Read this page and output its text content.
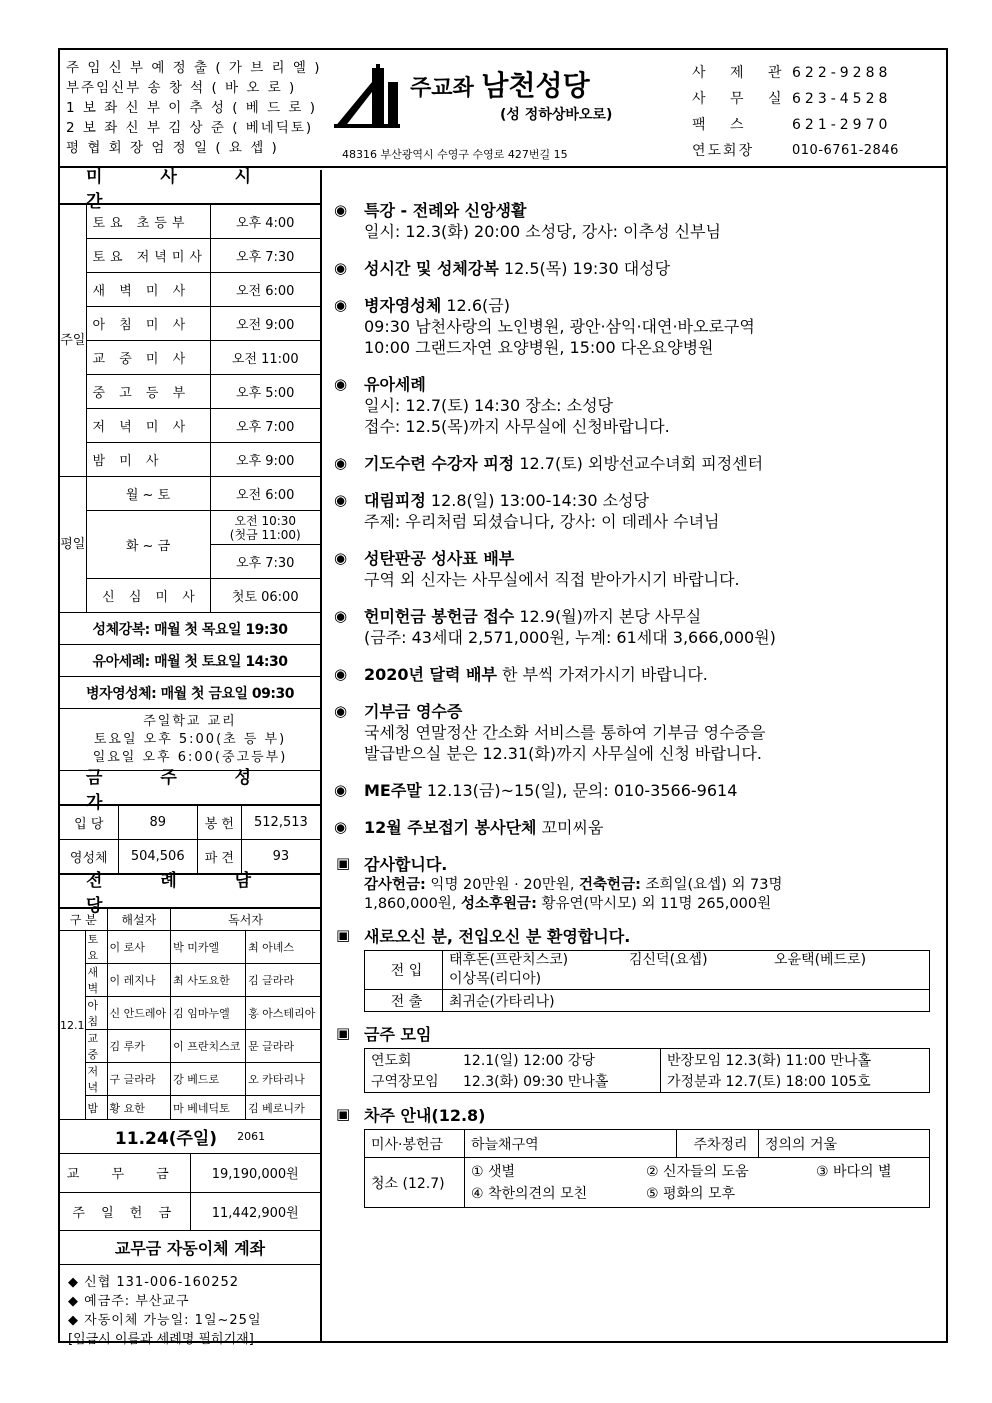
주 임 신 부 예 정 출 ( 가 브 리 엘 )
부주임신부 송 창 석 ( 바 오 로 )
1 보 좌 신 부 이 추 성 ( 베 드 로 )
2 보 좌 신 부 김 상 준 ( 베네딕토)
평 협 회 장 엄 정 일 ( 요 셉 )
주교좌 남천성당
(성 정하상바오로)
48316 부산광역시 수영구 수영로 427번길 15
사 제 관 622-9288
사 무 실 623-4528
팩 스	621-2970
연도회장	010-6761-2846
미 사 시 간
주일	토요 초등부	오후 4:00
	토요 저녁미사	오후 7:30
	새 벽 미 사	오전 6:00
	아 침 미 사	오전 9:00
	교 중 미 사	오전 11:00
	중 고 등 부	오후 5:00
	저 녁 미 사	오후 7:00
	밤 미 사	오후 9:00
평일	월 ~ 토	오전 6:00
	화 ~ 금	오전 10:30
(첫금 11:00)

		오후 7:30
	신 심 미 사	첫토 06:00
성체강복: 매월 첫 목요일 19:30
유아세례: 매월 첫 토요일 14:30
병자영성체: 매월 첫 금요일 09:30
주일학교 교리
토요일 오후 5:00(초 등 부)
일요일 오후 6:00(중고등부)
금 주 성 가
입 당	89	봉 헌	512,513
영성체	504,506	파 견	93
전 례 담 당
구 분		해설자	독서자	
12.1	토요	이 로사	박 미카엘	최 아녜스
	새벽	이 레지나	최 사도요한	김 글라라
	아침	신 안드레아	김 임마누엘	홍 아스테리아
	교중	김 루카	이 프란치스코	문 글라라
	저녁	구 글라라	강 베드로	오 카타리나
	밤	황 요한	마 베네딕토	김 베로니카
11.24(주일) 2061
교 무 금	19,190,000원
주 일 헌 금	11,442,900원
교무금 자동이체 계좌
◆ 신협 131-006-160252
◆ 예금주: 부산교구
◆ 자동이체 가능일: 1일~25일
[입금시 이름과 세례명 필히기재]
◉ 특강 - 전례와 신앙생활
일시: 12.3(화) 20:00 소성당, 강사: 이추성 신부님
◉ 성시간 및 성체강복 12.5(목) 19:30 대성당
◉ 병자영성체 12.6(금)
09:30 남천사랑의 노인병원, 광안·삼익·대연·바오로구역
10:00 그랜드자연 요양병원, 15:00 다온요양병원
◉ 유아세례
일시: 12.7(토) 14:30 장소: 소성당
접수: 12.5(목)까지 사무실에 신청바랍니다.
◉ 기도수련 수강자 피정 12.7(토) 외방선교수녀회 피정센터
◉ 대림피정 12.8(일) 13:00-14:30 소성당
주제: 우리처럼 되셨습니다, 강사: 이 데레사 수녀님
◉ 성탄판공 성사표 배부
구역 외 신자는 사무실에서 직접 받아가시기 바랍니다.
◉ 헌미헌금 봉헌금 접수 12.9(월)까지 본당 사무실
(금주: 43세대 2,571,000원, 누계: 61세대 3,666,000원)
◉ 2020년 달력 배부 한 부씩 가져가시기 바랍니다.
◉ 기부금 영수증
국세청 연말정산 간소화 서비스를 통하여 기부금 영수증을
발급받으실 분은 12.31(화)까지 사무실에 신청 바랍니다.
◉ ME주말 12.13(금)~15(일), 문의: 010-3566-9614
◉ 12월 주보접기 봉사단체 꼬미씨움
▣ 감사합니다.
감사헌금: 익명 20만원 · 20만원, 건축헌금: 조희일(요셉) 외 73명
1,860,000원, 성소후원금: 황유연(막시모) 외 11명 265,000원
▣ 새로오신 분, 전입오신 분 환영합니다.
전 입	태후돈(프란치스코) 김신덕(요셉) 오윤택(베드로)
이상목(리디아)

전 출	최귀순(가타리나)
▣ 금주 모임
연도회 12.1(일) 12:00 강당	반장모임 12.3(화) 11:00 만나홀
구역장모임 12.3(화) 09:30 만나홀	가정분과 12.7(토) 18:00 105호
▣ 차주 안내(12.8)
미사·봉헌금	하늘채구역	주차정리	정의의 거울
청소 (12.7)	① 샛별 ② 신자들의 도움 ③ 바다의 별
④ 착한의견의 모친 ⑤ 평화의 모후		
